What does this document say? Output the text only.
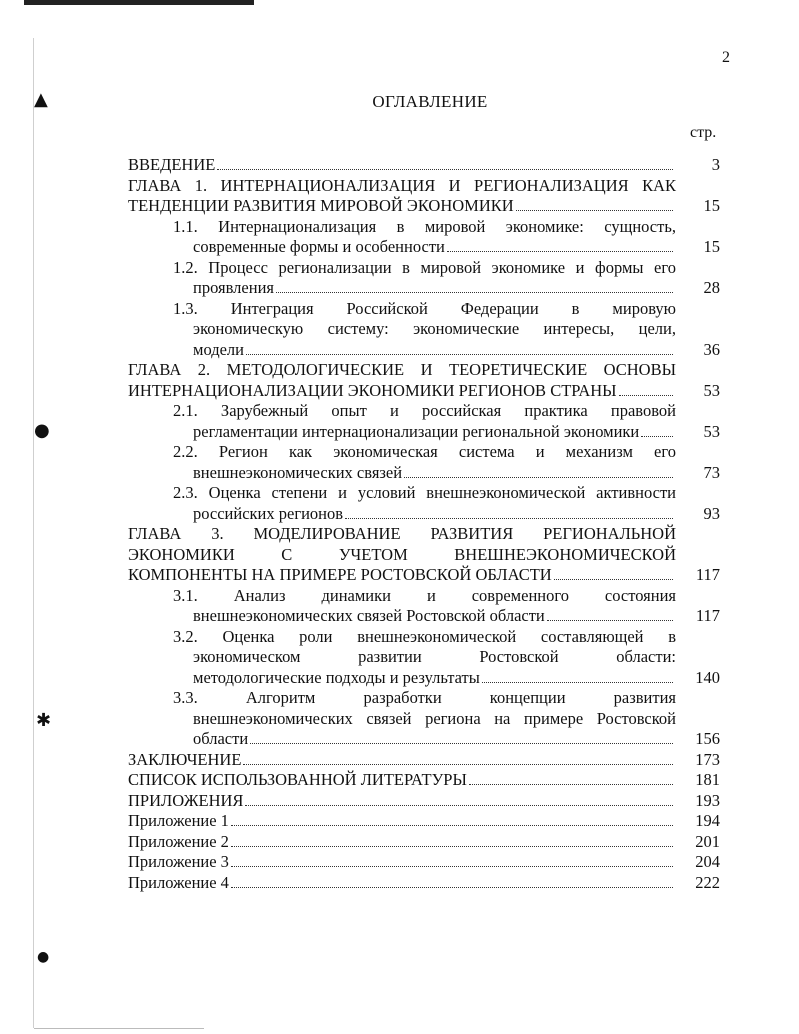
▲
●
✱
●
2
ОГЛАВЛЕНИЕ
стр.
ВВЕДЕНИЕ	3
ГЛАВА 1. ИНТЕРНАЦИОНАЛИЗАЦИЯ И РЕГИОНАЛИЗАЦИЯ КАК
ТЕНДЕНЦИИ РАЗВИТИЯ МИРОВОЙ ЭКОНОМИКИ	15
1.1. Интернационализация в мировой экономике: сущность,
современные формы и особенности	15
1.2. Процесс регионализации в мировой экономике и формы его
проявления	28
1.3. Интеграция Российской Федерации в мировую
экономическую систему: экономические интересы, цели,
модели	36
ГЛАВА 2. МЕТОДОЛОГИЧЕСКИЕ И ТЕОРЕТИЧЕСКИЕ ОСНОВЫ
ИНТЕРНАЦИОНАЛИЗАЦИИ ЭКОНОМИКИ РЕГИОНОВ СТРАНЫ	53
2.1. Зарубежный опыт и российская практика правовой
регламентации интернационализации региональной экономики	53
2.2. Регион как экономическая система и механизм его
внешнеэкономических связей	73
2.3. Оценка степени и условий внешнеэкономической активности
российских регионов	93
ГЛАВА 3. МОДЕЛИРОВАНИЕ РАЗВИТИЯ РЕГИОНАЛЬНОЙ
ЭКОНОМИКИ С УЧЕТОМ ВНЕШНЕЭКОНОМИЧЕСКОЙ
КОМПОНЕНТЫ НА ПРИМЕРЕ РОСТОВСКОЙ ОБЛАСТИ	117
3.1. Анализ динамики и современного состояния
внешнеэкономических связей Ростовской области	117
3.2. Оценка роли внешнеэкономической составляющей в
экономическом развитии Ростовской области:
методологические подходы и результаты	140
3.3. Алгоритм разработки концепции развития
внешнеэкономических связей региона на примере Ростовской
области	156
ЗАКЛЮЧЕНИЕ	173
СПИСОК ИСПОЛЬЗОВАННОЙ ЛИТЕРАТУРЫ	181
ПРИЛОЖЕНИЯ	193
Приложение 1	194
Приложение 2	201
Приложение 3	204
Приложение 4	222
